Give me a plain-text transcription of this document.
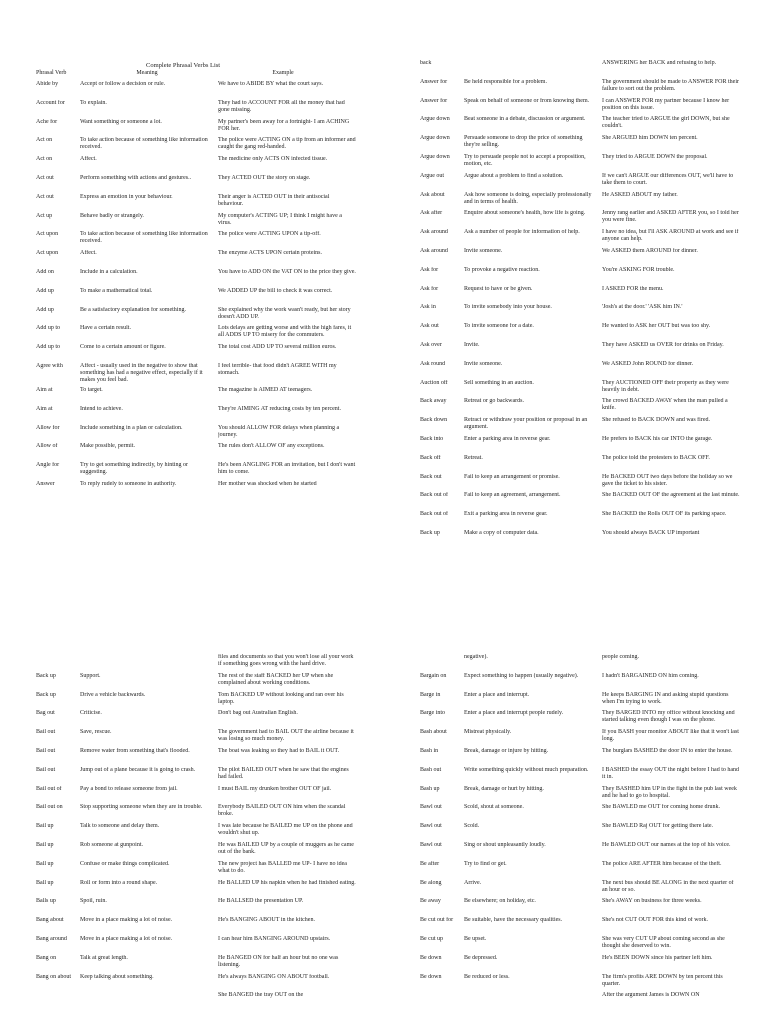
Complete Phrasal Verbs List
Phrasal Verb	Meaning	Example
Abide by	Accept or follow a decision or rule.	We have to ABIDE BY what the court says.
Account for	To explain.	They had to ACCOUNT FOR all the money that had gone missing.
Ache for	Want something or someone a lot.	My partner's been away for a fortnight- I am ACHING FOR her.
Act on	To take action because of something like information received.	The police were ACTING ON a tip from an informer and caught the gang red-handed.
Act on	Affect.	The medicine only ACTS ON infected tissue.
Act out	Perform something with actions and gestures..	They ACTED OUT the story on stage.
Act out	Express an emotion in your behaviour.	Their anger is ACTED OUT in their antisocial behaviour.
Act up	Behave badly or strangely.	My computer's ACTING UP; I think I might have a virus.
Act upon	To take action because of something like information received.	The police were ACTING UPON a tip-off.
Act upon	Affect.	The enzyme ACTS UPON certain proteins.
Add on	Include in a calculation.	You have to ADD ON the VAT ON to the price they give.
Add up	To make a mathematical total.	We ADDED UP the bill to check it was correct.
Add up	Be a satisfactory explanation for something.	She explained why the work wasn't ready, but her story doesn't ADD UP.
Add up to	Have a certain result.	Lots delays are getting worse and with the high fares, it all ADDS UP TO misery for the commuters.
Add up to	Come to a certain amount or figure.	The total cost ADD UP TO several million euros.
Agree with	Affect - usually used in the negative to show that something has had a negative effect, especially if it makes you feel bad.	I feel terrible- that food didn't AGREE WITH my stomach.
Aim at	To target.	The magazine is AIMED AT teenagers.
Aim at	Intend to achieve.	They're AIMING AT reducing costs by ten percent.
Allow for	Include something in a plan or calculation.	You should ALLOW FOR delays when planning a journey.
Allow of	Make possible, permit.	The rules don't ALLOW OF any exceptions.
Angle for	Try to get something indirectly, by hinting or suggesting.	He's been ANGLING FOR an invitation, but I don't want him to come.
Answer	To reply rudely to someone in authority.	Her mother was shocked when he started
back		ANSWERING her BACK and refusing to help.
Answer for	Be held responsible for a problem.	The government should be made to ANSWER FOR their failure to sort out the problem.
Answer for	Speak on behalf of someone or from knowing them.	I can ANSWER FOR my partner because I know her position on this issue.
Argue down	Beat someone in a debate, discussion or argument.	The teacher tried to ARGUE the girl DOWN, but she couldn't.
Argue down	Persuade someone to drop the price of something they're selling.	She ARGUED him DOWN ten percent.
Argue down	Try to persuade people not to accept a proposition, motion, etc.	They tried to ARGUE DOWN the proposal.
Argue out	Argue about a problem to find a solution.	If we can't ARGUE our differences OUT, we'll have to take them to court.
Ask about	Ask how someone is doing, especially professionally and in terms of health.	He ASKED ABOUT my father.
Ask after	Enquire about someone's health, how life is going.	Jenny rang earlier and ASKED AFTER you, so I told her you were fine.
Ask around	Ask a number of people for information of help.	I have no idea, but I'll ASK AROUND at work and see if anyone can help.
Ask around	Invite someone.	We ASKED them AROUND for dinner.
Ask for	To provoke a negative reaction.	You're ASKING FOR trouble.
Ask for	Request to have or be given.	I ASKED FOR the menu.
Ask in	To invite somebody into your house.	'Josh's at the door.' 'ASK him IN.'
Ask out	To invite someone for a date.	He wanted to ASK her OUT but was too shy.
Ask over	Invite.	They have ASKED us OVER for drinks on Friday.
Ask round	Invite someone.	We ASKED John ROUND for dinner.
Auction off	Sell something in an auction.	They AUCTIONED OFF their property as they were heavily in debt.
Back away	Retreat or go backwards.	The crowd BACKED AWAY when the man pulled a knife.
Back down	Retract or withdraw your position or proposal in an argument.	She refused to BACK DOWN and was fired.
Back into	Enter a parking area in reverse gear.	He prefers to BACK his car INTO the garage.
Back off	Retreat.	The police told the protesters to BACK OFF.
Back out	Fail to keep an arrangement or promise.	He BACKED OUT two days before the holiday so we gave the ticket to his sister.
Back out of	Fail to keep an agreement, arrangement.	She BACKED OUT OF the agreement at the last minute.
Back out of	Exit a parking area in reverse gear.	She BACKED the Rolls OUT OF its parking space.
Back up	Make a copy of computer data.	You should always BACK UP important
		files and documents so that you won't lose all your work if something goes wrong with the hard drive.
Back up	Support.	The rest of the staff BACKED her UP when she complained about working conditions.
Back up	Drive a vehicle backwards.	Tom BACKED UP without looking and ran over his laptop.
Bag out	Criticise.	Don't bag out Australian English.
Bail out	Save, rescue.	The government had to BAIL OUT the airline because it was losing so much money.
Bail out	Remove water from something that's flooded.	The boat was leaking so they had to BAIL it OUT.
Bail out	Jump out of a plane because it is going to crash.	The pilot BAILED OUT when he saw that the engines had failed.
Bail out of	Pay a bond to release someone from jail.	I must BAIL my drunken brother OUT OF jail.
Bail out on	Stop supporting someone when they are in trouble.	Everybody BAILED OUT ON him when the scandal broke.
Bail up	Talk to someone and delay them.	I was late because he BAILED me UP on the phone and wouldn't shut up.
Bail up	Rob someone at gunpoint.	He was BAILED UP by a couple of muggers as he came out of the bank.
Ball up	Confuse or make things complicated.	The new project has BALLED me UP- I have no idea what to do.
Ball up	Roll or form into a round shape.	He BALLED UP his napkin when he had finished eating.
Balls up	Spoil, ruin.	He BALLSED the presentation UP.
Bang about	Move in a place making a lot of noise.	He's BANGING ABOUT in the kitchen.
Bang around	Move in a place making a lot of noise.	I can hear him BANGING AROUND upstairs.
Bang on	Talk at great length.	He BANGED ON for half an hour but no one was listening.
Bang on about	Keep talking about something.	He's always BANGING ON ABOUT football.
		She BANGED the tray OUT on the
	negative).	people coming.
Bargain on	Expect something to happen (usually negative).	I hadn't BARGAINED ON him coming.
Barge in	Enter a place and interrupt.	He keeps BARGING IN and asking stupid questions when I'm trying to work.
Barge into	Enter a place and interrupt people rudely.	They BARGED INTO my office without knocking and started talking even though I was on the phone.
Bash about	Mistreat physically.	If you BASH your monitor ABOUT like that it won't last long.
Bash in	Break, damage or injure by hitting.	The burglars BASHED the door IN to enter the house.
Bash out	Write something quickly without much preparation.	I BASHED the essay OUT the night before I had to hand it in.
Bash up	Break, damage or hurt by hitting.	They BASHED him UP in the fight in the pub last week and he had to go to hospital.
Bawl out	Scold, shout at someone.	She BAWLED me OUT for coming home drunk.
Bawl out	Scold.	She BAWLED Raj OUT for getting there late.
Bawl out	Sing or shout unpleasantly loudly.	He BAWLED OUT our names at the top of his voice.
Be after	Try to find or get.	The police ARE AFTER him because of the theft.
Be along	Arrive.	The next bus should BE ALONG in the next quarter of an hour or so.
Be away	Be elsewhere; on holiday, etc.	She's AWAY on business for three weeks.
Be cut out for	Be suitable, have the necessary qualities.	She's not CUT OUT FOR this kind of work.
Be cut up	Be upset.	She was very CUT UP about coming second as she thought she deserved to win.
Be down	Be depressed.	He's BEEN DOWN since his partner left him.
Be down	Be reduced or less.	The firm's profits ARE DOWN by ten percent this quarter.
		After the argument James is DOWN ON
